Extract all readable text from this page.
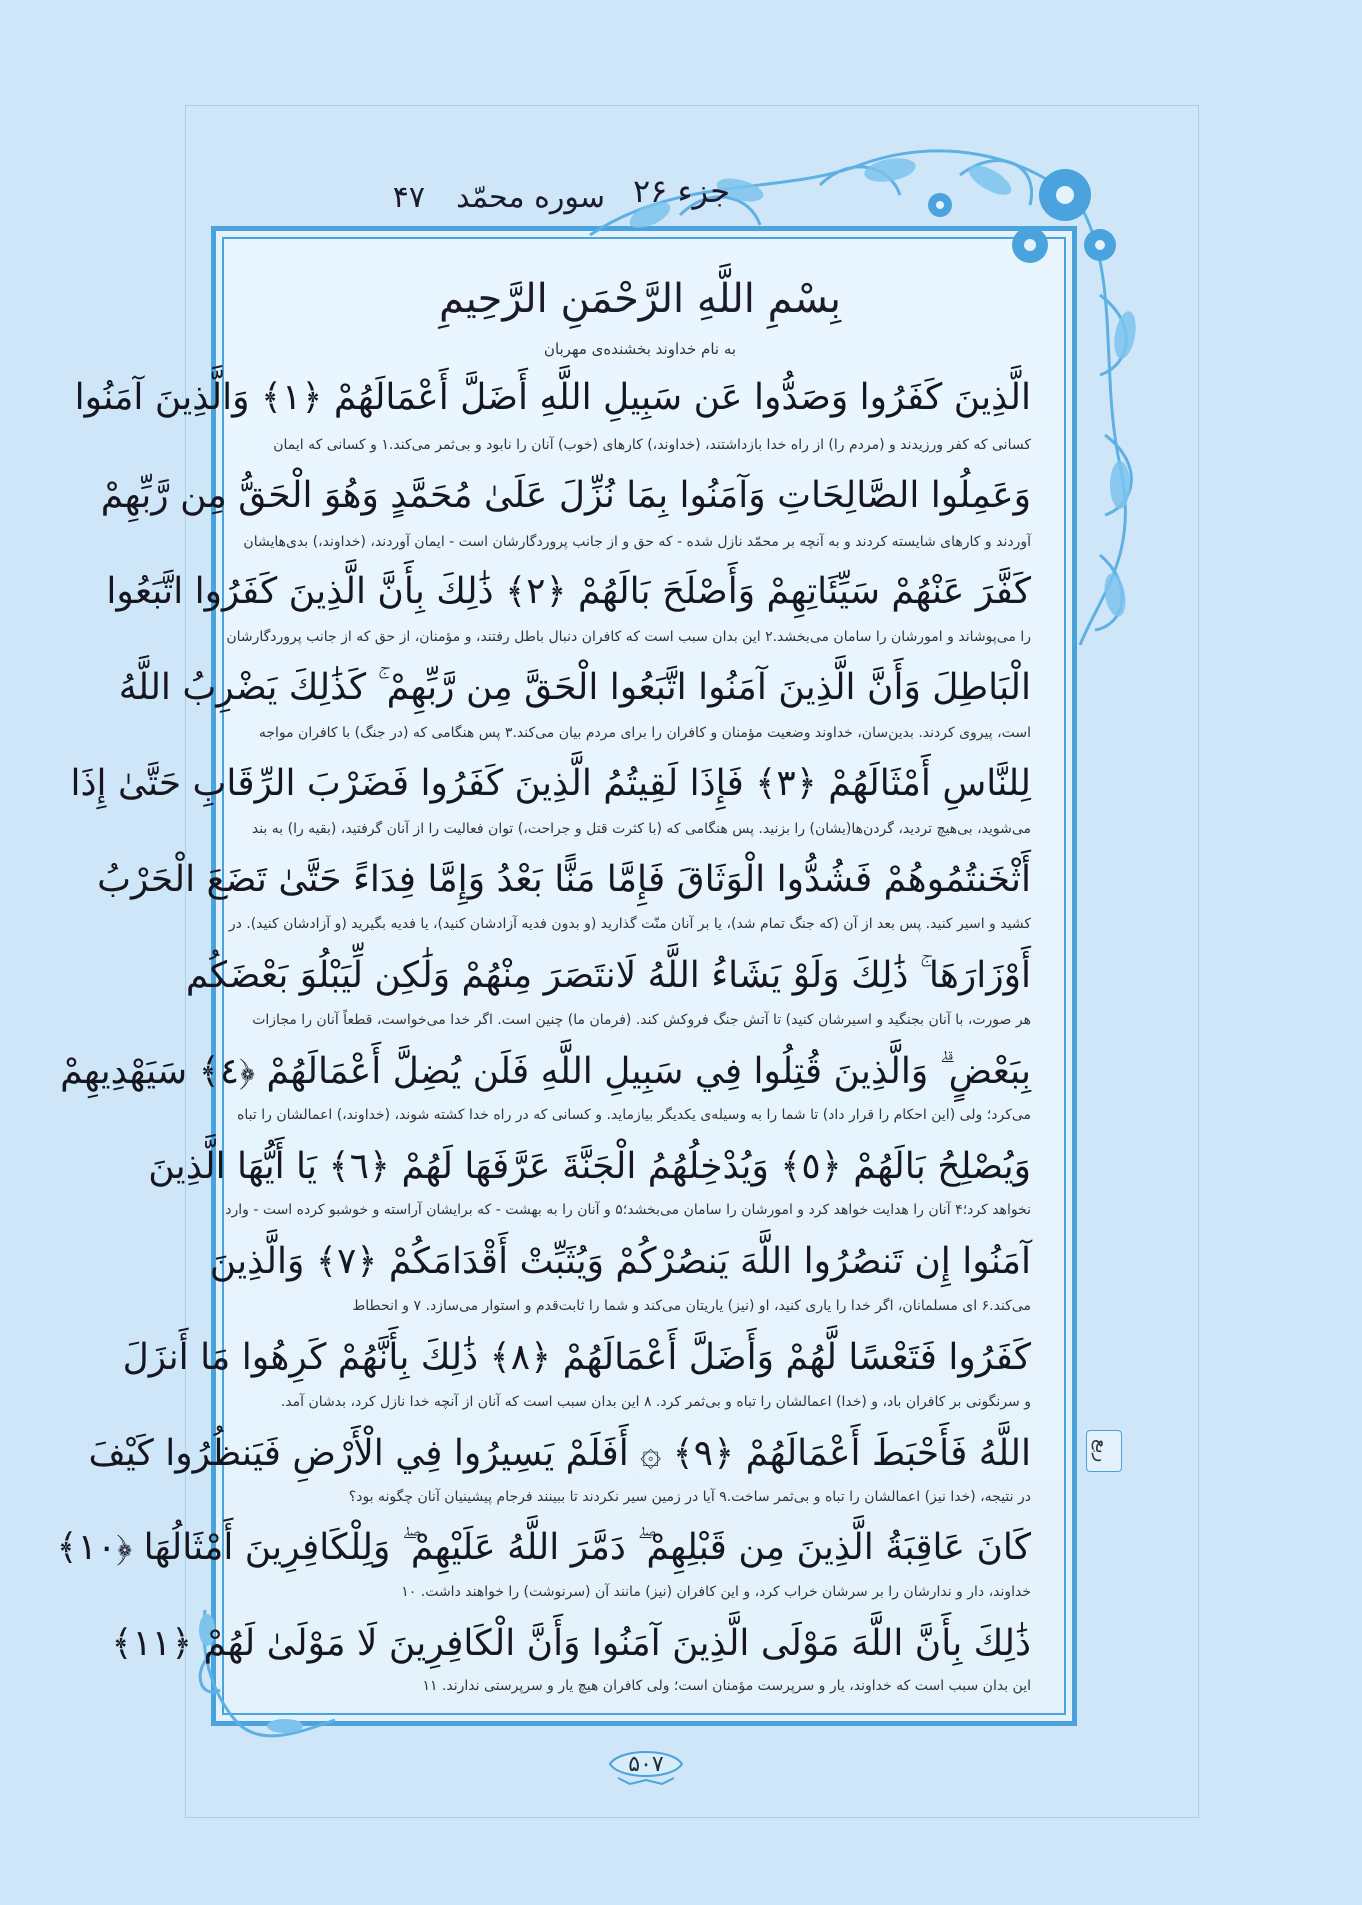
جزء ۲۶
سوره محمّد
۴۷
بِسْمِ اللَّهِ الرَّحْمَنِ الرَّحِيمِ
به نام خداوند بخشنده‌ی مهربان
الَّذِينَ كَفَرُوا وَصَدُّوا عَن سَبِيلِ اللَّهِ أَضَلَّ أَعْمَالَهُمْ ﴿١﴾ وَالَّذِينَ آمَنُوا
کسانی که کفر ورزیدند و (مردم را) از راه خدا بازداشتند، (خداوند،) کارهای (خوب) آنان را نابود و بی‌ثمر می‌کند.۱ و کسانی که ایمان
وَعَمِلُوا الصَّالِحَاتِ وَآمَنُوا بِمَا نُزِّلَ عَلَىٰ مُحَمَّدٍ وَهُوَ الْحَقُّ مِن رَّبِّهِمْ
آوردند و کارهای شایسته کردند و به آنچه بر محمّد نازل شده - که حق و از جانب پروردگارشان است - ایمان آوردند، (خداوند،) بدی‌هایشان
كَفَّرَ عَنْهُمْ سَيِّئَاتِهِمْ وَأَصْلَحَ بَالَهُمْ ﴿٢﴾ ذَٰلِكَ بِأَنَّ الَّذِينَ كَفَرُوا اتَّبَعُوا
را می‌پوشاند و امورشان را سامان می‌بخشد.۲ این بدان سبب است که کافران دنبال باطل رفتند، و مؤمنان، از حق که از جانب پروردگارشان
الْبَاطِلَ وَأَنَّ الَّذِينَ آمَنُوا اتَّبَعُوا الْحَقَّ مِن رَّبِّهِمْ ۚ كَذَٰلِكَ يَضْرِبُ اللَّهُ
است، پیروی کردند. بدین‌سان، خداوند وضعیت مؤمنان و کافران را برای مردم بیان می‌کند.۳ پس هنگامی که (در جنگ) با کافران مواجه
لِلنَّاسِ أَمْثَالَهُمْ ﴿٣﴾ فَإِذَا لَقِيتُمُ الَّذِينَ كَفَرُوا فَضَرْبَ الرِّقَابِ حَتَّىٰ إِذَا
می‌شوید، بی‌هیچ تردید، گردن‌ها(یشان) را بزنید. پس هنگامی که (با کثرت قتل و جراحت،) توان فعالیت را از آنان گرفتید، (بقیه را) به بند
أَثْخَنتُمُوهُمْ فَشُدُّوا الْوَثَاقَ فَإِمَّا مَنًّا بَعْدُ وَإِمَّا فِدَاءً حَتَّىٰ تَضَعَ الْحَرْبُ
کشید و اسیر کنید. پس بعد از آن (که جنگ تمام شد)، یا بر آنان منّت گذارید (و بدون فدیه آزادشان کنید)، یا فدیه بگیرید (و آزادشان کنید). در
أَوْزَارَهَا ۚ ذَٰلِكَ وَلَوْ يَشَاءُ اللَّهُ لَانتَصَرَ مِنْهُمْ وَلَٰكِن لِّيَبْلُوَ بَعْضَكُم
هر صورت، با آنان بجنگید و اسیرشان کنید) تا آتش جنگ فروکش کند. (فرمان ما) چنین است. اگر خدا می‌خواست، قطعاً آنان را مجازات
بِبَعْضٍ ۗ وَالَّذِينَ قُتِلُوا فِي سَبِيلِ اللَّهِ فَلَن يُضِلَّ أَعْمَالَهُمْ ﴿٤﴾ سَيَهْدِيهِمْ
می‌کرد؛ ولی (این احکام را قرار داد) تا شما را به وسیله‌ی یکدیگر بیازماید. و کسانی که در راه خدا کشته شوند، (خداوند،) اعمالشان را تباه
وَيُصْلِحُ بَالَهُمْ ﴿٥﴾ وَيُدْخِلُهُمُ الْجَنَّةَ عَرَّفَهَا لَهُمْ ﴿٦﴾ يَا أَيُّهَا الَّذِينَ
نخواهد کرد؛۴ آنان را هدایت خواهد کرد و امورشان را سامان می‌بخشد؛۵ و آنان را به بهشت - که برایشان آراسته و خوشبو کرده است - وارد
آمَنُوا إِن تَنصُرُوا اللَّهَ يَنصُرْكُمْ وَيُثَبِّتْ أَقْدَامَكُمْ ﴿٧﴾ وَالَّذِينَ
می‌کند.۶ ای مسلمانان، اگر خدا را یاری کنید، او (نیز) یاریتان می‌کند و شما را ثابت‌قدم و استوار می‌سازد. ۷ و انحطاط
كَفَرُوا فَتَعْسًا لَّهُمْ وَأَضَلَّ أَعْمَالَهُمْ ﴿٨﴾ ذَٰلِكَ بِأَنَّهُمْ كَرِهُوا مَا أَنزَلَ
و سرنگونی بر کافران باد، و (خدا) اعمالشان را تباه و بی‌ثمر کرد. ۸ این بدان سبب است که آنان از آنچه خدا نازل کرد، بدشان آمد.
اللَّهُ فَأَحْبَطَ أَعْمَالَهُمْ ﴿٩﴾ ۞ أَفَلَمْ يَسِيرُوا فِي الْأَرْضِ فَيَنظُرُوا كَيْفَ
در نتیجه، (خدا نیز) اعمالشان را تباه و بی‌ثمر ساخت.۹ آیا در زمین سیر نکردند تا ببینند فرجام پیشینیان آنان چگونه بود؟
كَانَ عَاقِبَةُ الَّذِينَ مِن قَبْلِهِمْ ۖ دَمَّرَ اللَّهُ عَلَيْهِمْ ۖ وَلِلْكَافِرِينَ أَمْثَالُهَا ﴿١٠﴾
خداوند، دار و ندارشان را بر سرشان خراب کرد، و این کافران (نیز) مانند آن (سرنوشت) را خواهند داشت. ۱۰
ذَٰلِكَ بِأَنَّ اللَّهَ مَوْلَى الَّذِينَ آمَنُوا وَأَنَّ الْكَافِرِينَ لَا مَوْلَىٰ لَهُمْ ﴿١١﴾
این بدان سبب است که خداوند، یار و سرپرست مؤمنان است؛ ولی کافران هیچ یار و سرپرستی ندارند. ۱۱
ربع
۵۰۷
